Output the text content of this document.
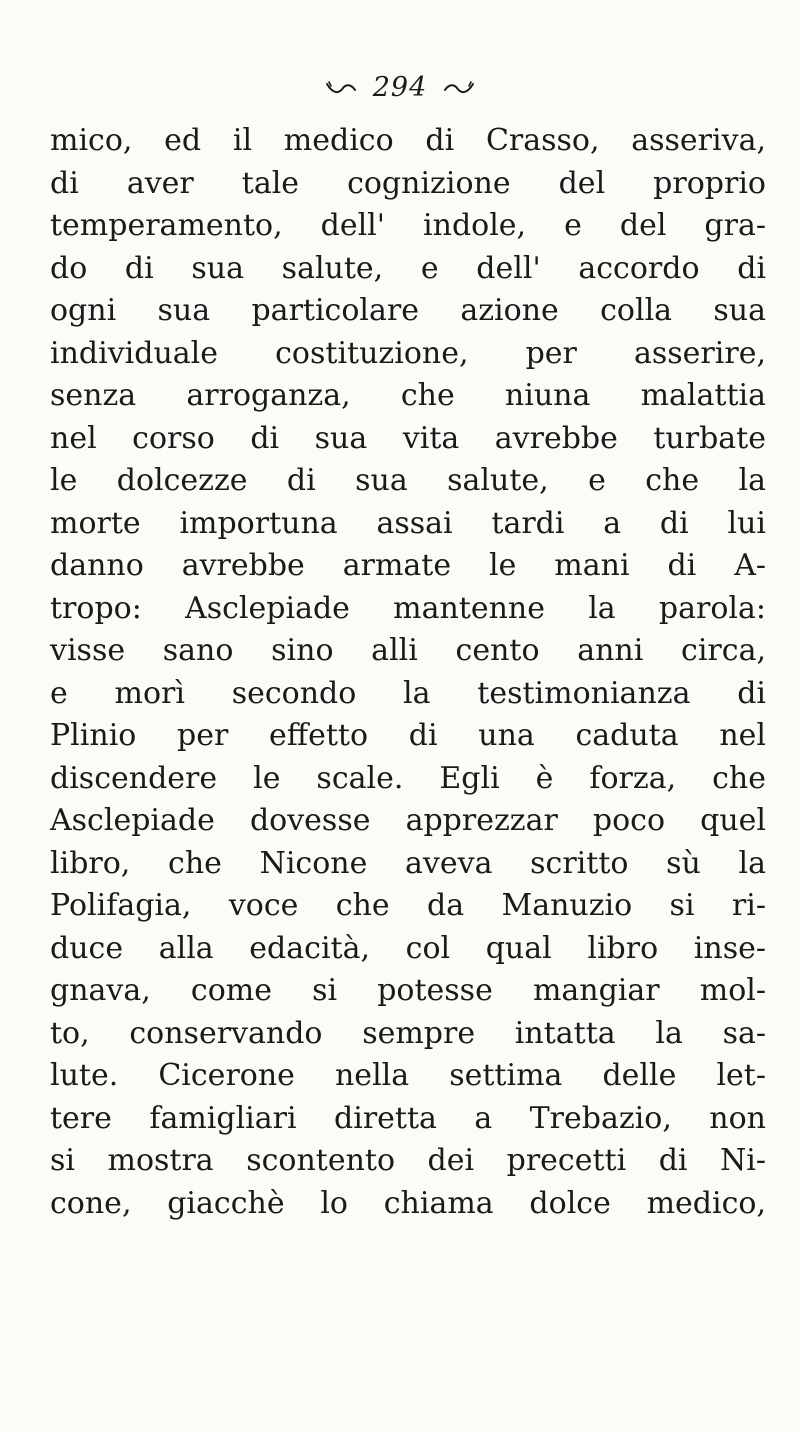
294
mico, ed il medico di Crasso, asseriva,
di aver tale cognizione del proprio
temperamento, dell' indole, e del gra-
do di sua salute, e dell' accordo di
ogni sua particolare azione colla sua
individuale costituzione, per asserire,
senza arroganza, che niuna malattia
nel corso di sua vita avrebbe turbate
le dolcezze di sua salute, e che la
morte importuna assai tardi a di lui
danno avrebbe armate le mani di A-
tropo: Asclepiade mantenne la parola:
visse sano sino alli cento anni circa,
e morì secondo la testimonianza di
Plinio per effetto di una caduta nel
discendere le scale. Egli è forza, che
Asclepiade dovesse apprezzar poco quel
libro, che Nicone aveva scritto sù la
Polifagia, voce che da Manuzio si ri-
duce alla edacità, col qual libro inse-
gnava, come si potesse mangiar mol-
to, conservando sempre intatta la sa-
lute. Cicerone nella settima delle let-
tere famigliari diretta a Trebazio, non
si mostra scontento dei precetti di Ni-
cone, giacchè lo chiama dolce medico,
